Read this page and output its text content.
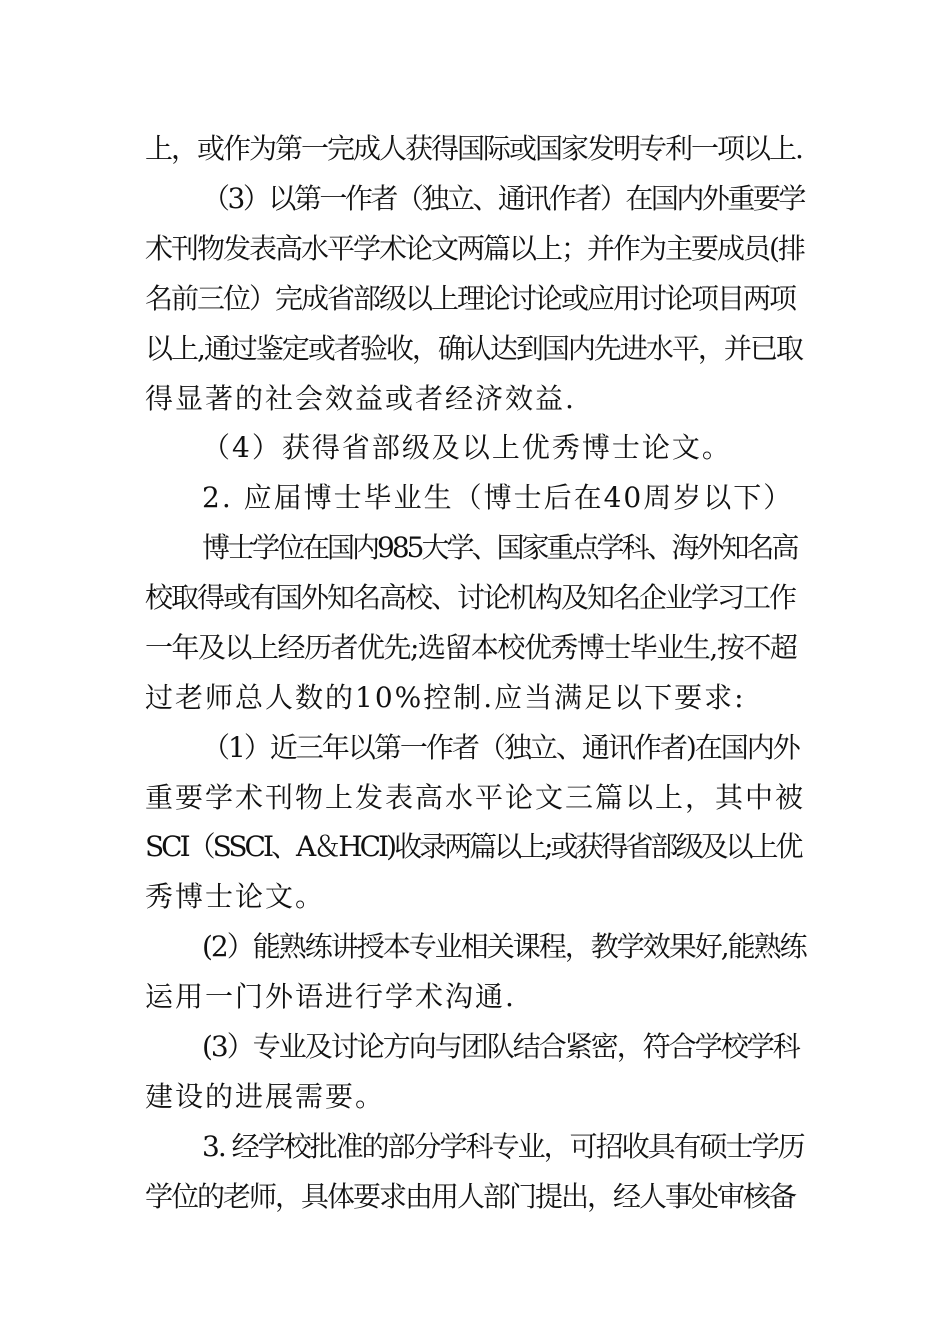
上，或作为第一完成人获得国际或国家发明专利一项以上.
（3）以第一作者（独立、通讯作者）在国内外重要学
术刊物发表高水平学术论文两篇以上；并作为主要成员(排
名前三位）完成省部级以上理论讨论或应用讨论项目两项
以上,通过鉴定或者验收，确认达到国内先进水平，并已取
得显著的社会效益或者经济效益.
（4）获得省部级及以上优秀博士论文。
2. 应届博士毕业生（博士后在40周岁以下）
博士学位在国内985大学、国家重点学科、海外知名高
校取得或有国外知名高校、讨论机构及知名企业学习工作
一年及以上经历者优先;选留本校优秀博士毕业生,按不超
过老师总人数的10%控制.应当满足以下要求:
（1）近三年以第一作者（独立、通讯作者)在国内外
重要学术刊物上发表高水平论文三篇以上，其中被
SCI（SSCI、A＆HCI)收录两篇以上;或获得省部级及以上优
秀博士论文。
(2）能熟练讲授本专业相关课程，教学效果好,能熟练
运用一门外语进行学术沟通.
(3）专业及讨论方向与团队结合紧密，符合学校学科
建设的进展需要。
3. 经学校批准的部分学科专业，可招收具有硕士学历
学位的老师，具体要求由用人部门提出，经人事处审核备
